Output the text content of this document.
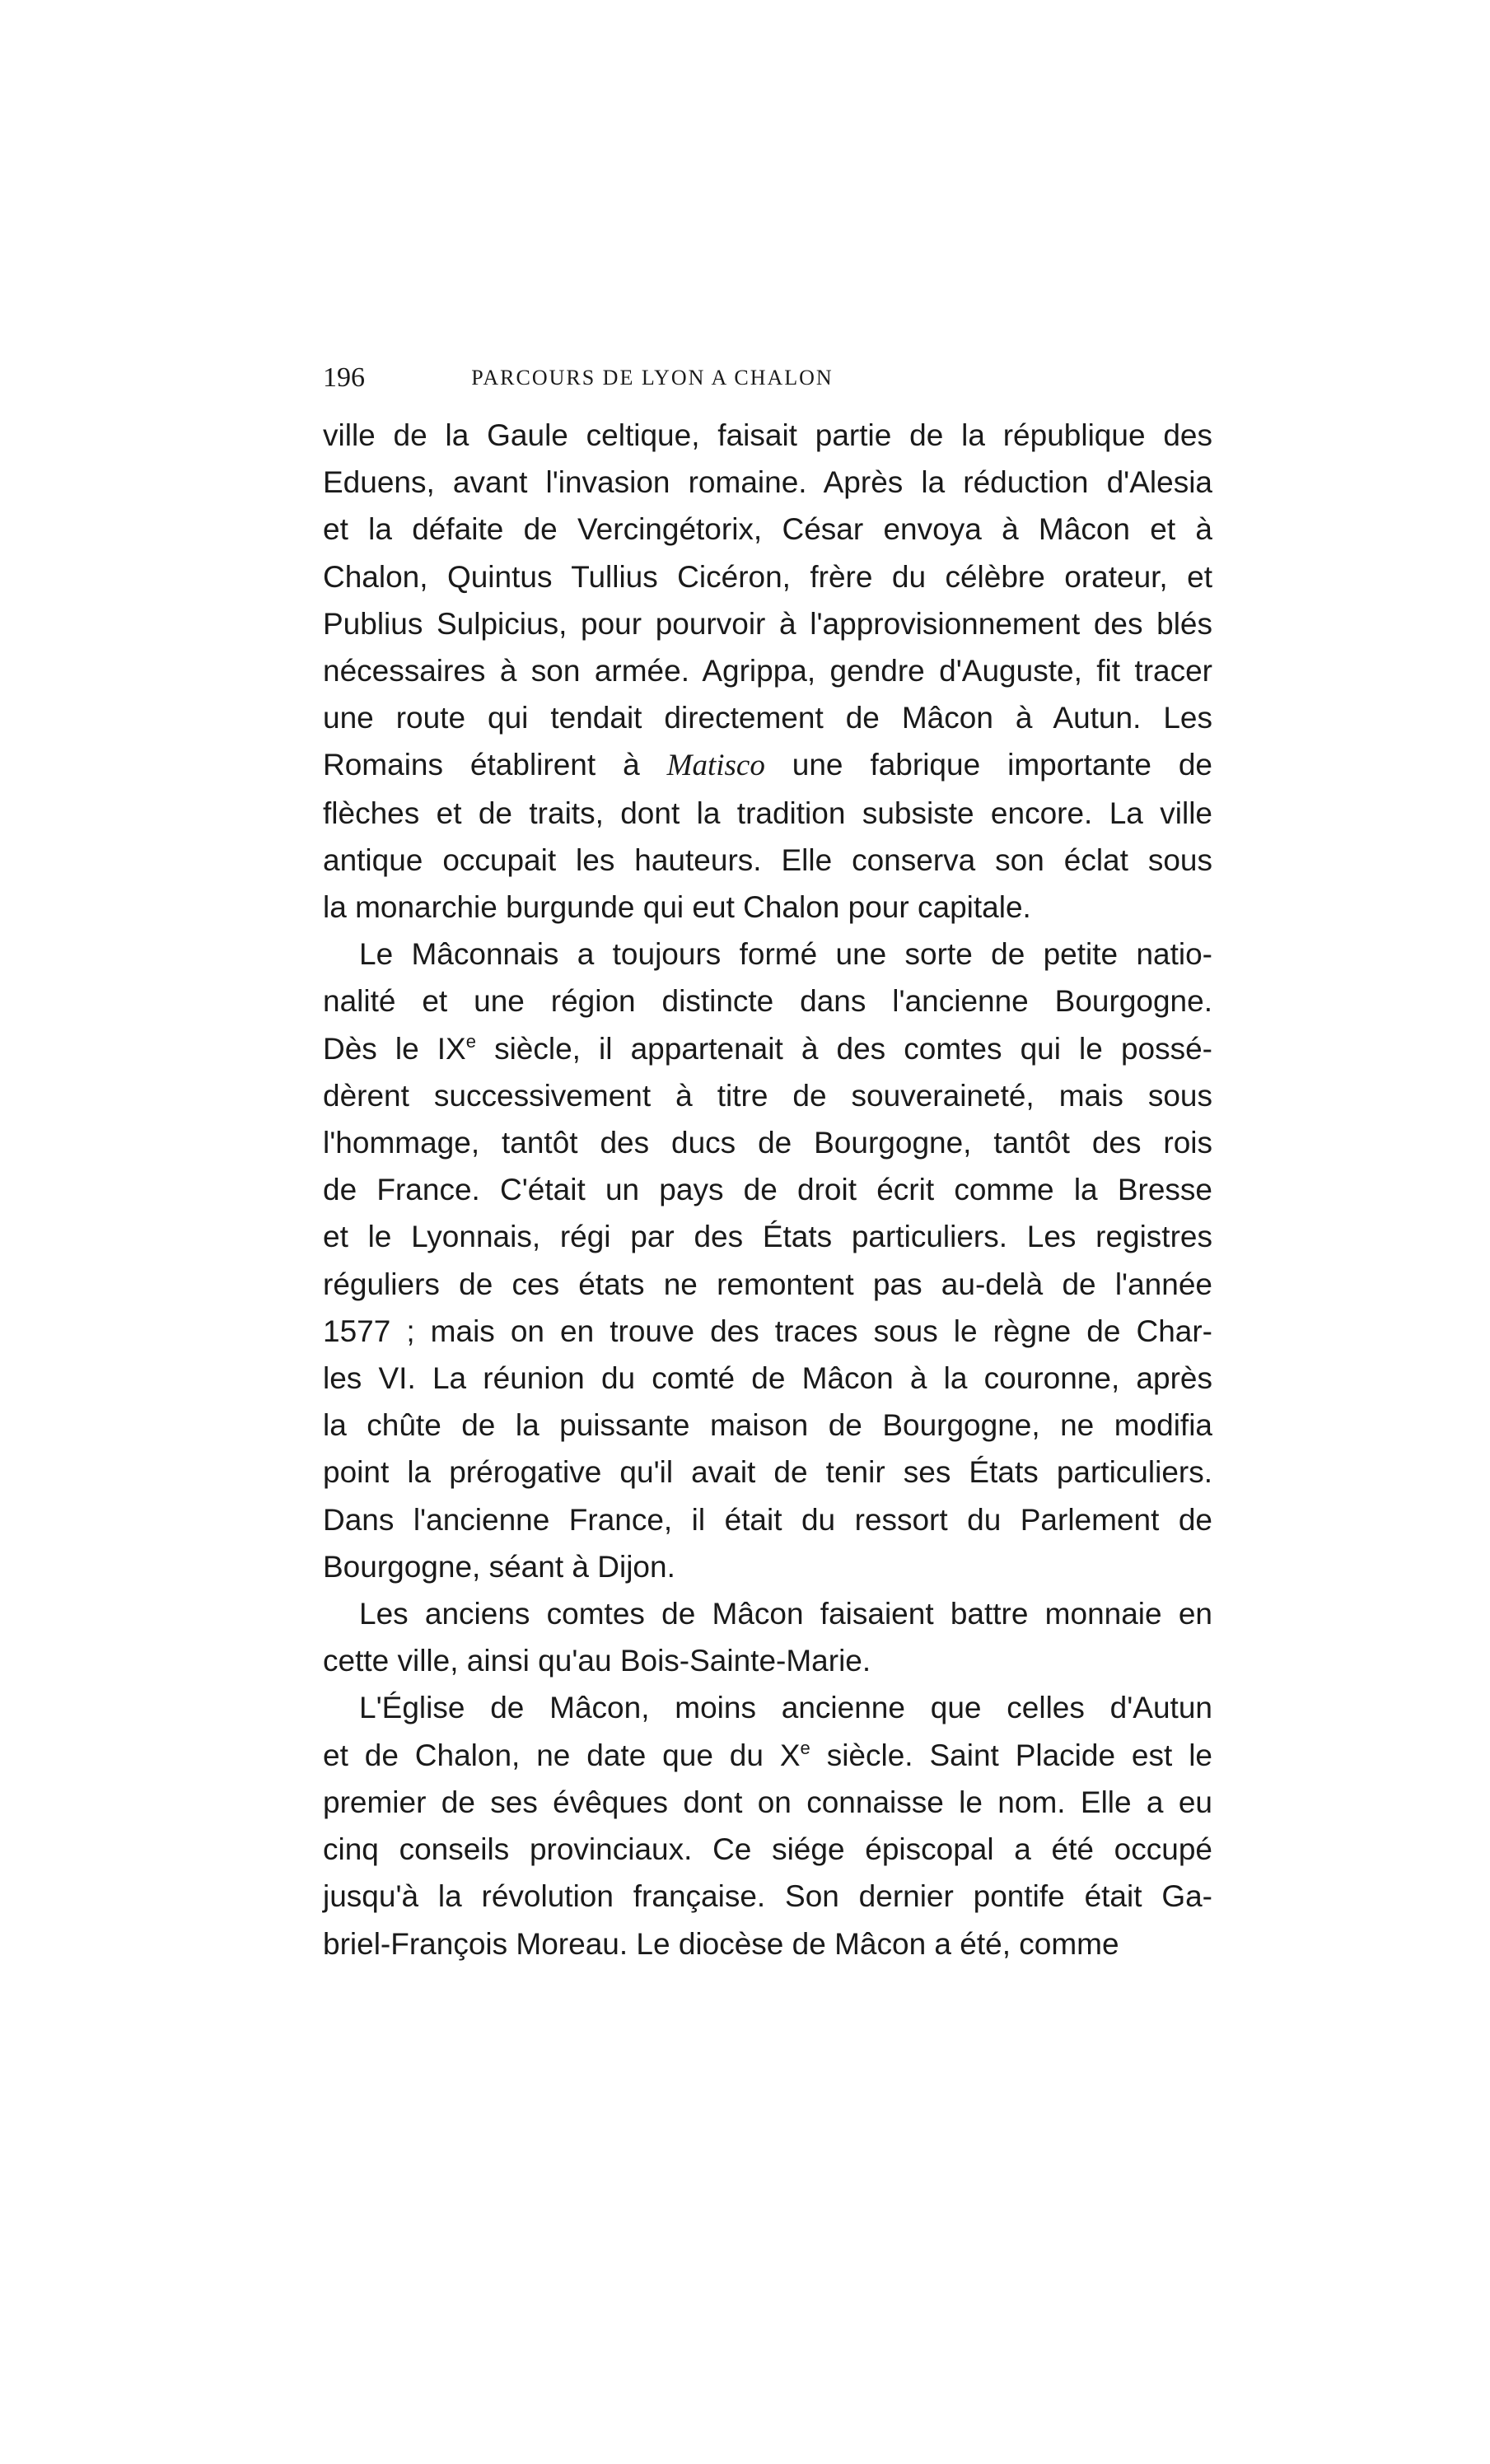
196	PARCOURS DE LYON A CHALON
ville de la Gaule celtique, faisait partie de la république des
Eduens, avant l'invasion romaine. Après la réduction d'Alesia
et la défaite de Vercingétorix, César envoya à Mâcon et à
Chalon, Quintus Tullius Cicéron, frère du célèbre orateur, et
Publius Sulpicius, pour pourvoir à l'approvisionnement des blés
nécessaires à son armée. Agrippa, gendre d'Auguste, fit tracer
une route qui tendait directement de Mâcon à Autun. Les
Romains établirent à Matisco une fabrique importante de
flèches et de traits, dont la tradition subsiste encore. La ville
antique occupait les hauteurs. Elle conserva son éclat sous
la monarchie burgunde qui eut Chalon pour capitale.
Le Mâconnais a toujours formé une sorte de petite natio-
nalité et une région distincte dans l'ancienne Bourgogne.
Dès le IXe siècle, il appartenait à des comtes qui le possé-
dèrent successivement à titre de souveraineté, mais sous
l'hommage, tantôt des ducs de Bourgogne, tantôt des rois
de France. C'était un pays de droit écrit comme la Bresse
et le Lyonnais, régi par des États particuliers. Les registres
réguliers de ces états ne remontent pas au-delà de l'année
1577 ; mais on en trouve des traces sous le règne de Char-
les VI. La réunion du comté de Mâcon à la couronne, après
la chûte de la puissante maison de Bourgogne, ne modifia
point la prérogative qu'il avait de tenir ses États particuliers.
Dans l'ancienne France, il était du ressort du Parlement de
Bourgogne, séant à Dijon.
Les anciens comtes de Mâcon faisaient battre monnaie en
cette ville, ainsi qu'au Bois-Sainte-Marie.
L'Église de Mâcon, moins ancienne que celles d'Autun
et de Chalon, ne date que du Xe siècle. Saint Placide est le
premier de ses évêques dont on connaisse le nom. Elle a eu
cinq conseils provinciaux. Ce siége épiscopal a été occupé
jusqu'à la révolution française. Son dernier pontife était Ga-
briel-François Moreau. Le diocèse de Mâcon a été, comme
